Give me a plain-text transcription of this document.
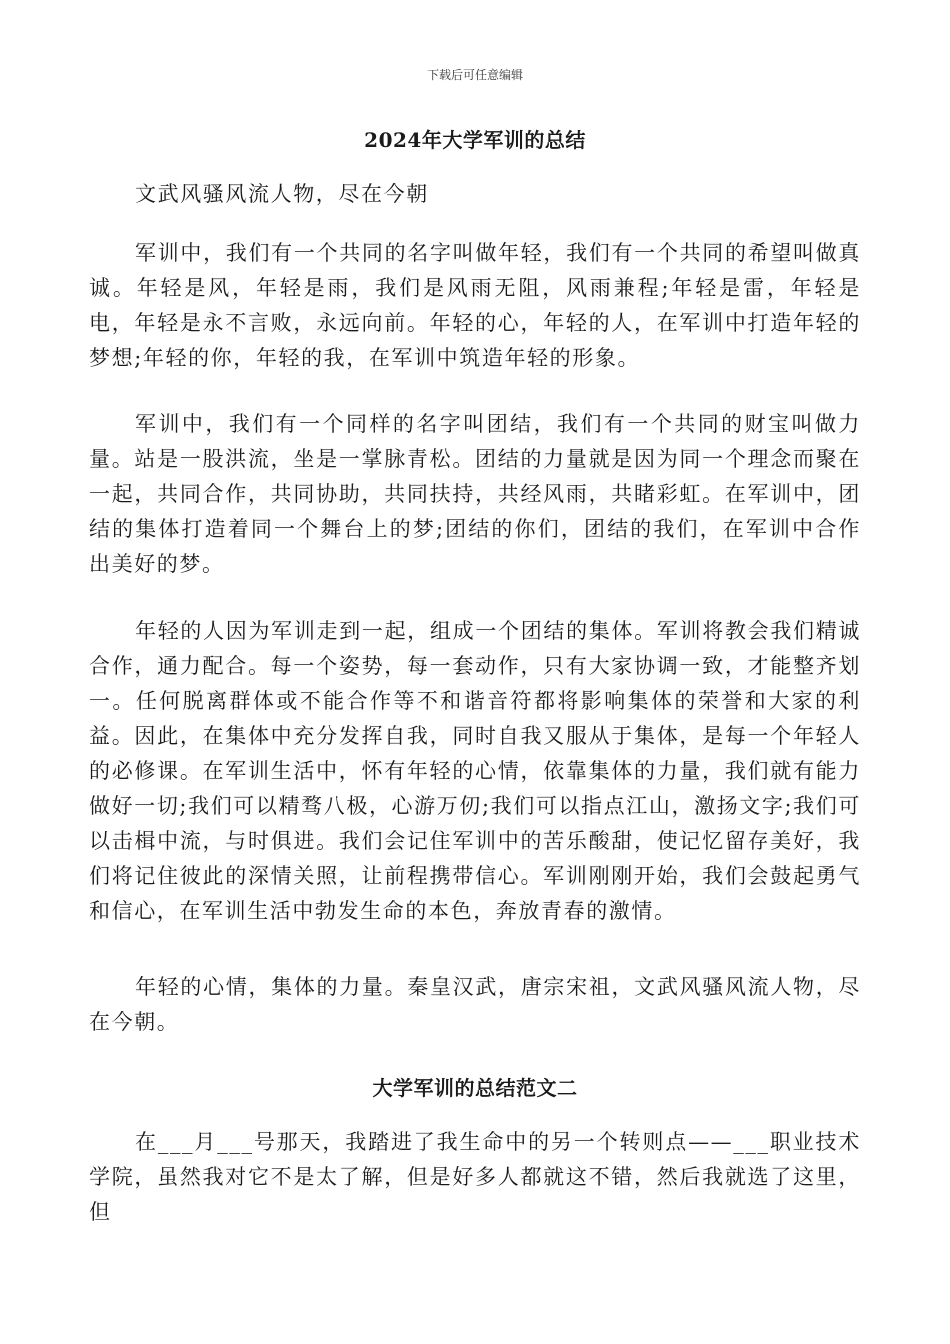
下载后可任意编辑
2024年大学军训的总结

文武风骚风流人物，尽在今朝

军训中，我们有一个共同的名字叫做年轻，我们有一个共同的希望叫做真诚。年轻是风，年轻是雨，我们是风雨无阻，风雨兼程;年轻是雷，年轻是电，年轻是永不言败，永远向前。年轻的心，年轻的人，在军训中打造年轻的梦想;年轻的你，年轻的我，在军训中筑造年轻的形象。

军训中，我们有一个同样的名字叫团结，我们有一个共同的财宝叫做力量。站是一股洪流，坐是一掌脉青松。团结的力量就是因为同一个理念而聚在一起，共同合作，共同协助，共同扶持，共经风雨，共睹彩虹。在军训中，团结的集体打造着同一个舞台上的梦;团结的你们，团结的我们，在军训中合作出美好的梦。

年轻的人因为军训走到一起，组成一个团结的集体。军训将教会我们精诚合作，通力配合。每一个姿势，每一套动作，只有大家协调一致，才能整齐划一。任何脱离群体或不能合作等不和谐音符都将影响集体的荣誉和大家的利益。因此，在集体中充分发挥自我，同时自我又服从于集体，是每一个年轻人的必修课。在军训生活中，怀有年轻的心情，依靠集体的力量，我们就有能力做好一切;我们可以精骛八极，心游万仞;我们可以指点江山，激扬文字;我们可以击楫中流，与时俱进。我们会记住军训中的苦乐酸甜，使记忆留存美好，我们将记住彼此的深情关照，让前程携带信心。军训刚刚开始，我们会鼓起勇气和信心，在军训生活中勃发生命的本色，奔放青春的激情。

年轻的心情，集体的力量。秦皇汉武，唐宗宋祖，文武风骚风流人物，尽在今朝。

大学军训的总结范文二

在___月___号那天，我踏进了我生命中的另一个转则点——___职业技术学院，虽然我对它不是太了解，但是好多人都就这不错，然后我就选了这里，但
